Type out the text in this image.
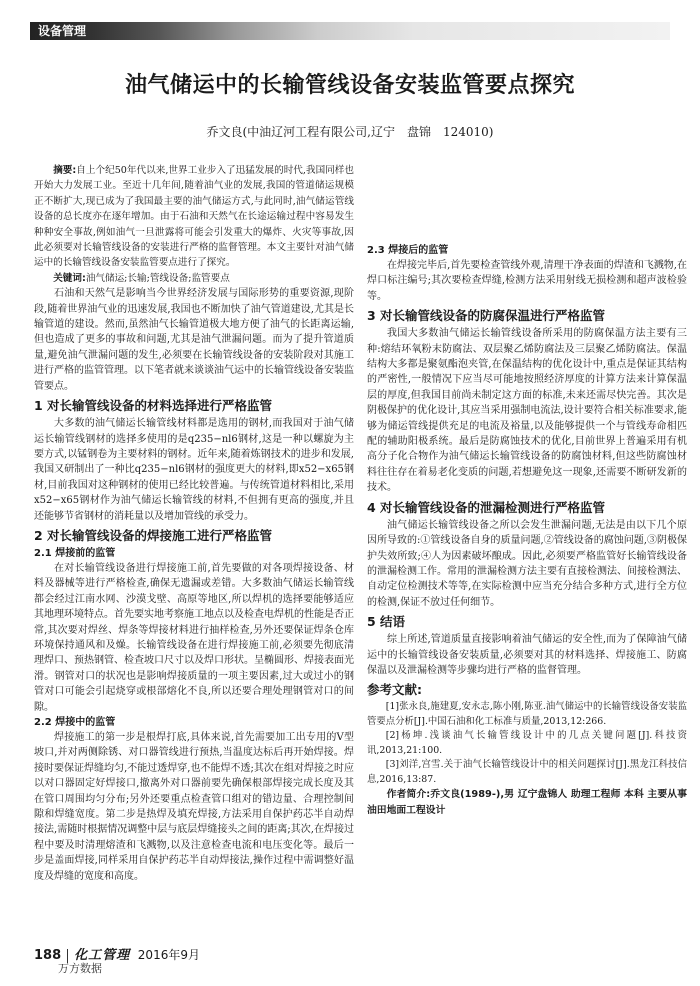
设备管理
油气储运中的长输管线设备安装监管要点探究
乔文良(中油辽河工程有限公司,辽宁　盘锦　124010)

摘要:自上个纪50年代以来,世界工业步入了迅猛发展的时代,我国同样也开始大力发展工业。至近十几年间,随着油气业的发展,我国的管道储运规模正不断扩大,现已成为了我国最主要的油气储运方式,与此同时,油气储运管线设备的总长度亦在逐年增加。由于石油和天然气在长途运输过程中容易发生种种安全事故,例如油气一旦泄露将可能会引发重大的爆炸、火灾等事故,因此必须要对长输管线设备的安装进行严格的监督管理。本文主要针对油气储运中的长输管线设备安装监管要点进行了探究。

关键词:油气储运;长输;管线设备;监管要点

石油和天然气是影响当今世界经济发展与国际形势的重要资源,现阶段,随着世界油气业的迅速发展,我国也不断加快了油气管道建设,尤其是长输管道的建设。然而,虽然油气长输管道极大地方便了油气的长距离运输,但也造成了更多的事故和问题,尤其是油气泄漏问题。而为了提升管道质量,避免油气泄漏问题的发生,必须要在长输管线设备的安装阶段对其施工进行严格的监管管理。以下笔者就来谈谈油气运中的长输管线设备安装监管要点。

1 对长输管线设备的材料选择进行严格监管

大多数的油气储运长输管线材料都是选用的钢材,而我国对于油气储运长输管线钢材的选择多使用的是q235−nl6钢材,这是一种以螺旋为主要方式,以锰钢卷为主要材料的钢材。近年来,随着炼钢技术的进步和发展,我国又研制出了一种比q235−nl6钢材的强度更大的材料,即x52−x65钢材,目前我国对这种钢材的使用已经比较普遍。与传统管道材料相比,采用x52−x65钢材作为油气储运长输管线的材料,不但拥有更高的强度,并且还能够节省钢材的消耗量以及增加管线的承受力。

2 对长输管线设备的焊接施工进行严格监管
2.1 焊接前的监管

在对长输管线设备进行焊接施工前,首先要做的对各项焊接设备、材料及器械等进行严格检查,确保无遗漏或差错。大多数油气储运长输管线都会经过江南水网、沙漠戈壁、高原等地区,所以焊机的选择要能够适应其地理环境特点。首先要实地考察施工地点以及检查电焊机的性能是否正常,其次要对焊丝、焊条等焊接材料进行抽样检查,另外还要保证焊条仓库环境保持通风和及燥。长输管线设备在进行焊接施工前,必须要先彻底清理焊口、预热钢管、检查坡口尺寸以及焊口形状。呈椭圆形、焊接表面光滑。钢管对口的状况也是影响焊接质量的一项主要因素,过大或过小的钢管对口可能会引起烧穿或根部熔化不良,所以还要合理处理钢管对口的间隙。

2.2 焊接中的监管

焊接施工的第一步是根焊打底,具体来说,首先需要加工出专用的V型坡口,并对两侧除锈、对口器管线进行预热,当温度达标后再开始焊接。焊接时要保证焊缝均匀,不能过透焊穿,也不能焊不透;其次在组对焊接之时应以对口器固定好焊接口,撤离外对口器前要先确保根部焊接完成长度及其在管口周围均匀分布;另外还要重点检查管口组对的错边量、合理控制间隙和焊缝宽度。第二步是热焊及填充焊接,方法采用自保护药芯半自动焊接法,需随时根据情况调整中层与底层焊缝接头之间的距离;其次,在焊接过程中要及时清理熔渣和飞溅物,以及注意检查电流和电压变化等。最后一步是盖面焊接,同样采用自保护药芯半自动焊接法,操作过程中需调整好温度及焊缝的宽度和高度。

2.3 焊接后的监管

在焊接完毕后,首先要检查管线外观,清理干净表面的焊渣和飞溅物,在焊口标注编号;其次要检查焊缝,检测方法采用射线无损检测和超声波检验等。

3 对长输管线设备的防腐保温进行严格监管

我国大多数油气储运长输管线设备所采用的防腐保温方法主要有三种:熔结环氧粉末防腐法、双层聚乙烯防腐法及三层聚乙烯防腐法。保温结构大多都是聚氨酯泡夹管,在保温结构的优化设计中,重点是保证其结构的严密性,一般情况下应当尽可能地按照经济厚度的计算方法来计算保温层的厚度,但我国目前尚未制定这方面的标准,未来还需尽快完善。其次是阴极保护的优化设计,其应当采用强制电流法,设计要符合相关标准要求,能够为储运管线提供充足的电流及裕量,以及能够提供一个与管线寿命相匹配的辅助阳极系统。最后是防腐蚀技术的优化,目前世界上普遍采用有机高分子化合物作为油气储运长输管线设备的防腐蚀材料,但这些防腐蚀材料往往存在着易老化变质的问题,若想避免这一现象,还需要不断研发新的技术。

4 对长输管线设备的泄漏检测进行严格监管

油气储运长输管线设备之所以会发生泄漏问题,无法是由以下几个原因所导致的:①管线设备自身的质量问题,②管线设备的腐蚀问题,③阴极保护失效所致;④人为因素破坏酿成。因此,必须要严格监管好长输管线设备的泄漏检测工作。常用的泄漏检测方法主要有直接检测法、间接检测法、自动定位检测技术等等,在实际检测中应当充分结合多种方式,进行全方位的检测,保证不放过任何细节。

5 结语

综上所述,管道质量直接影响着油气储运的安全性,而为了保障油气储运中的长输管线设备安装质量,必须要对其的材料选择、焊接施工、防腐保温以及泄漏检测等步骤均进行严格的监督管理。

参考文献:

[1]张永良,施建夏,安永志,陈小刚,陈亚.油气储运中的长输管线设备安装监管要点分析[J].中国石油和化工标准与质量,2013,12:266.

[2]杨坤.浅谈油气长输管线设计中的几点关键问题[J].科技资讯,2013,21:100.

[3]刘洋,宫雪.关于油气长输管线设计中的相关问题探讨[J].黑龙江科技信息,2016,13:87.

作者简介:乔文良(1989-),男 辽宁盘锦人 助理工程师 本科 主要从事油田地面工程设计

188 化工管理 2016年9月
万方数据
